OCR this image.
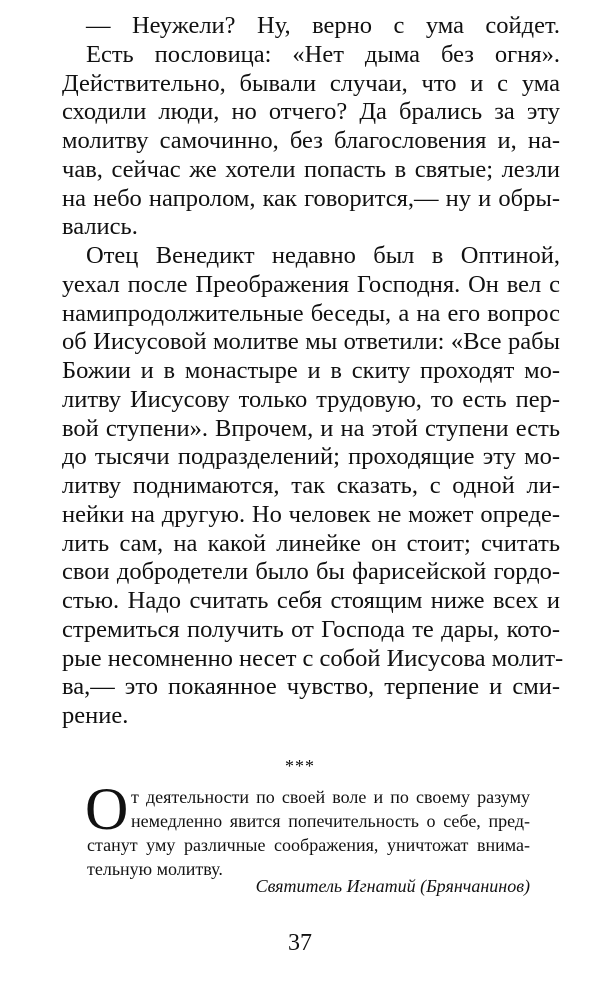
— Неужели? Ну, верно с ума сойдет.
Есть пословица: «Нет дыма без огня».
Действительно, бывали случаи, что и с ума
сходили люди, но отчего? Да брались за эту
молитву самочинно, без благословения и, на-
чав, сейчас же хотели попасть в святые; лезли
на небо напролом, как говорится,— ну и обры-
вались.
Отец Венедикт недавно был в Оптиной,
уехал после Преображения Господня. Он вел с
намипродолжительные беседы, а на его вопрос
об Иисусовой молитве мы ответили: «Все рабы
Божии и в монастыре и в скиту проходят мо-
литву Иисусову только трудовую, то есть пер-
вой ступени». Впрочем, и на этой ступени есть
до тысячи подразделений; проходящие эту мо-
литву поднимаются, так сказать, с одной ли-
нейки на другую. Но человек не может опреде-
лить сам, на какой линейке он стоит; считать
свои добродетели было бы фарисейской гордо-
стью. Надо считать себя стоящим ниже всех и
стремиться получить от Господа те дары, кото-
рые несомненно несет с собой Иисусова молит-
ва,— это покаянное чувство, терпение и сми-
рение.
***
О т деятельности по своей воле и по своему разуму
немедленно явится попечительность о себе, пред-
станут уму различные соображения, уничтожат внима-
тельную молитву.
Святитель Игнатий (Брянчанинов)
37
